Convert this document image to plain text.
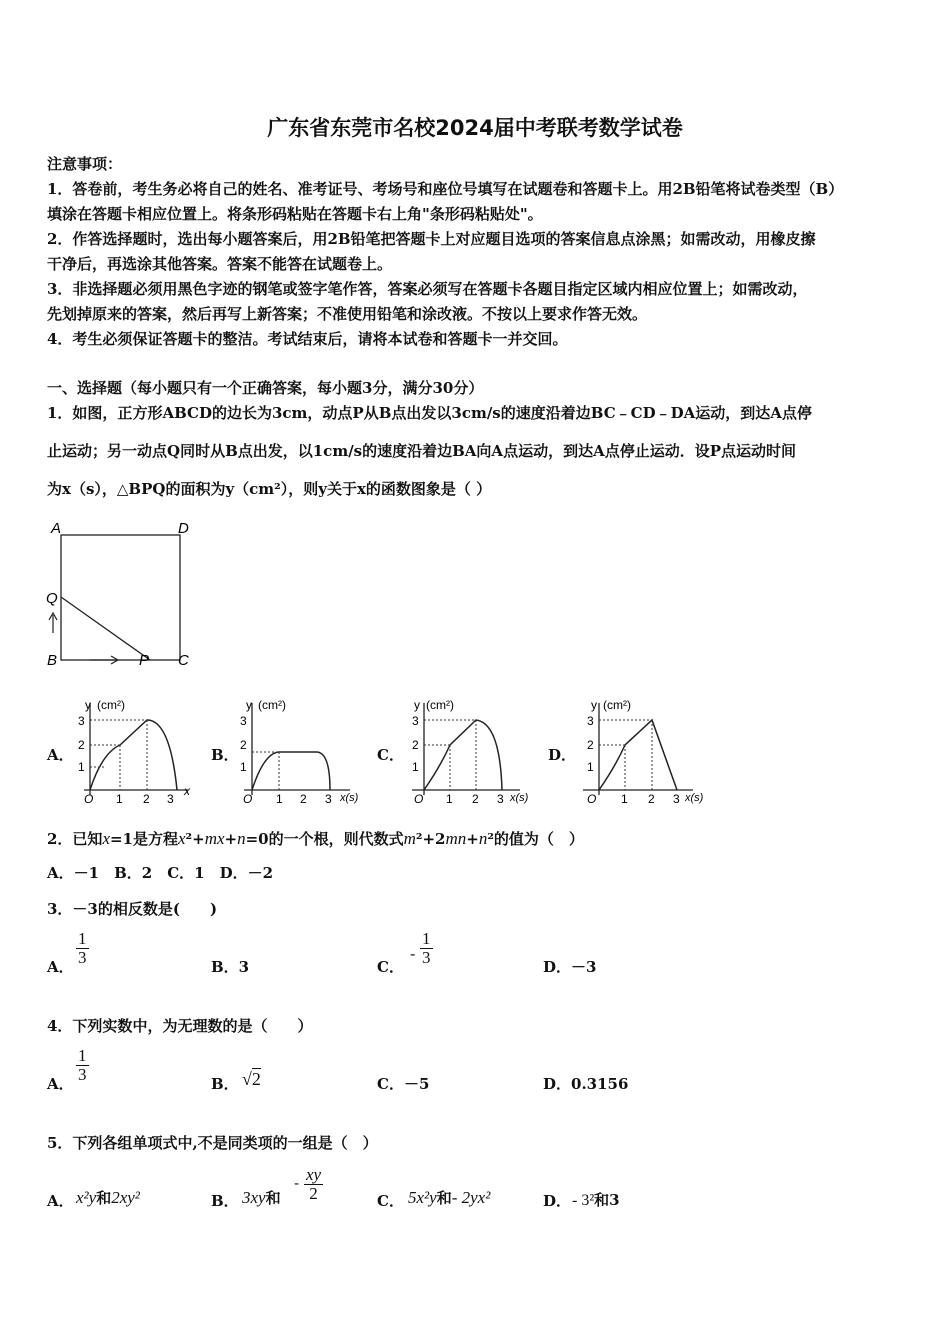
广东省东莞市名校2024届中考联考数学试卷
注意事项：
1．答卷前，考生务必将自己的姓名、准考证号、考场号和座位号填写在试题卷和答题卡上。用2B铅笔将试卷类型（B）
填涂在答题卡相应位置上。将条形码粘贴在答题卡右上角"条形码粘贴处"。
2．作答选择题时，选出每小题答案后，用2B铅笔把答题卡上对应题目选项的答案信息点涂黑；如需改动，用橡皮擦
干净后，再选涂其他答案。答案不能答在试题卷上。
3．非选择题必须用黑色字迹的钢笔或签字笔作答，答案必须写在答题卡各题目指定区域内相应位置上；如需改动，
先划掉原来的答案，然后再写上新答案；不准使用铅笔和涂改液。不按以上要求作答无效。
4．考生必须保证答题卡的整洁。考试结束后，请将本试卷和答题卡一并交回。
一、选择题（每小题只有一个正确答案，每小题3分，满分30分）
1．如图，正方形ABCD的边长为3cm，动点P从B点出发以3cm/s的速度沿着边BC﹣CD﹣DA运动，到达A点停
止运动；另一动点Q同时从B点出发，以1cm/s的速度沿着边BA向A点运动，到达A点停止运动．设P点运动时间
为x（s），△BPQ的面积为y（cm²），则y关于x的函数图象是（ ）
A	D
Q
B	P C
A．	B．	C．	D．
y (cm²)
3
2
1
O 1 2 3
x
y (cm²)
3
2
1
O 1 2 3 x(s)
y (cm²)
3
2
1
O 1 2 3 x(s)
y (cm²)
3
2
1
O 1 2 3 x(s)
2．已知x=1是方程x²+mx+n=0的一个根，则代数式m²+2mn+n²的值为（　）
A．－1　B．2　C．1　D．－2
3．－3的相反数是(　　)
A．
1
3
B．3	C．
-
1
3
D．－3
4．下列实数中，为无理数的是（　　）
A．
1
3
B． √2	C．－5	D．0.3156
5．下列各组单项式中,不是同类项的一组是（　）
A． x²y和2xy²	B． 3xy和
- xy
2	C． 5x²y和- 2yx²	D． - 3²和3
